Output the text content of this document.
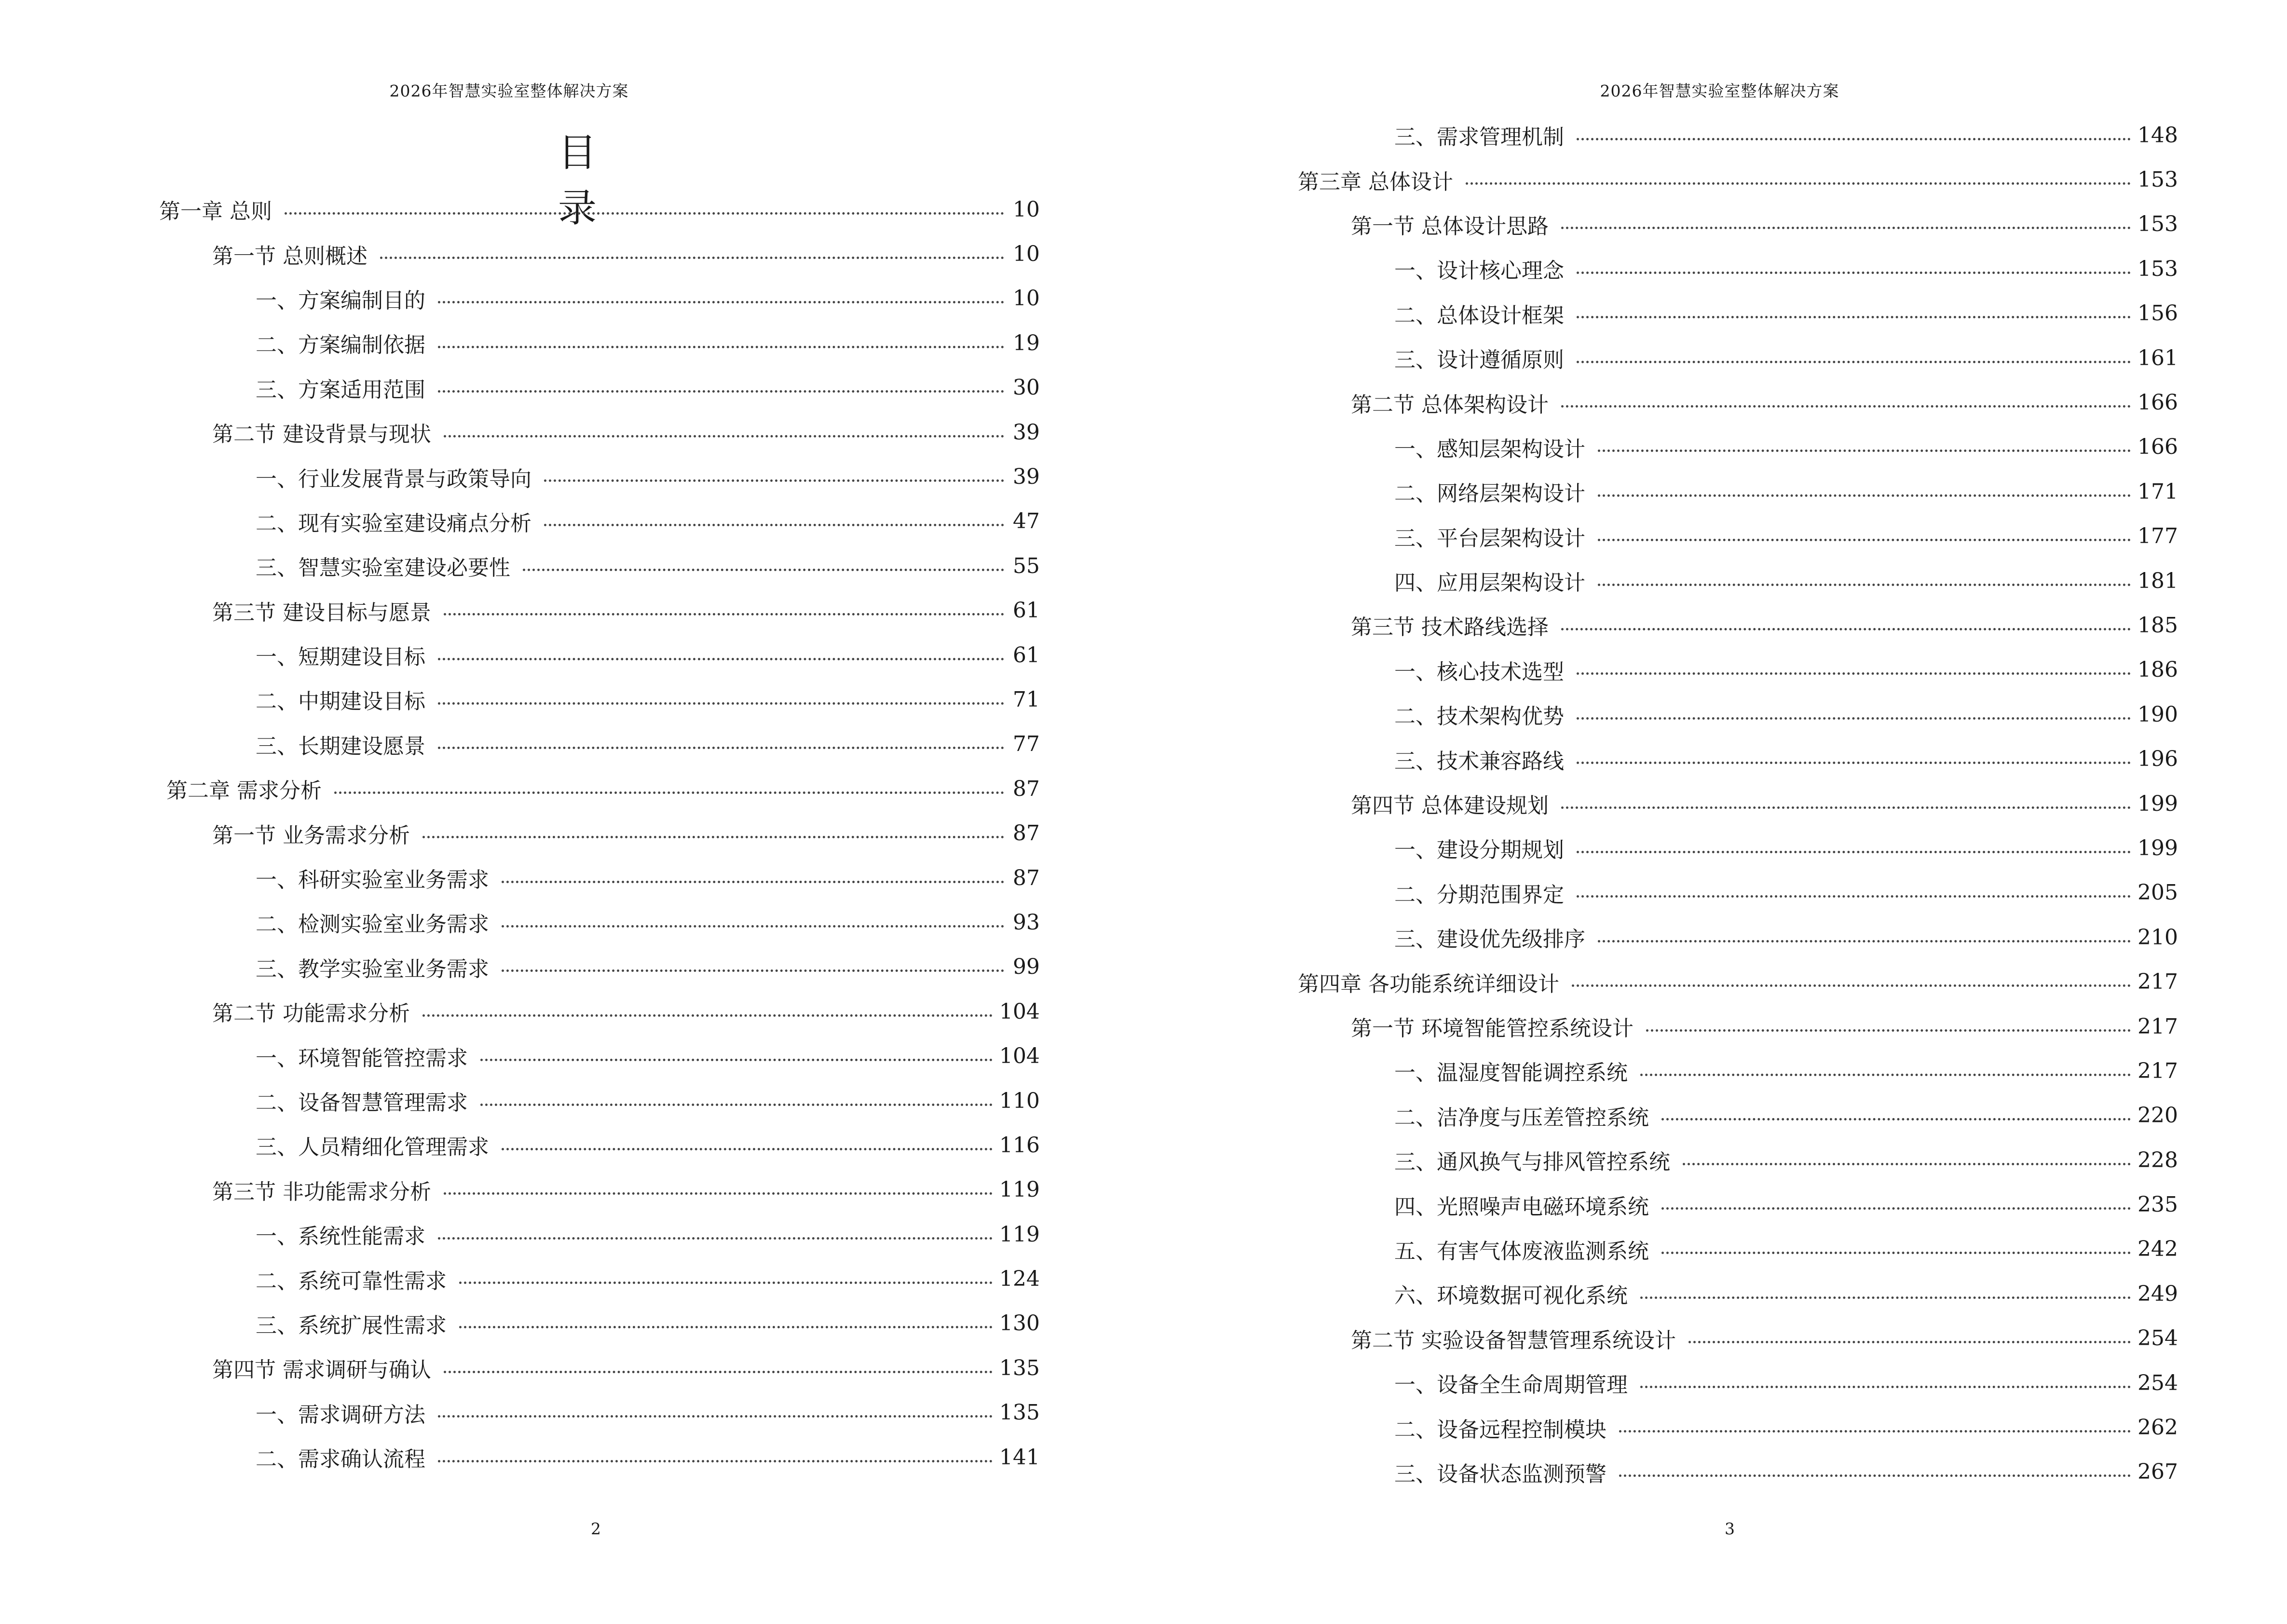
2026年智慧实验室整体解决方案
目 录
第一章 总则	10
第一节 总则概述	10
一、方案编制目的	10
二、方案编制依据	19
三、方案适用范围	30
第二节 建设背景与现状	39
一、行业发展背景与政策导向	39
二、现有实验室建设痛点分析	47
三、智慧实验室建设必要性	55
第三节 建设目标与愿景	61
一、短期建设目标	61
二、中期建设目标	71
三、长期建设愿景	77
第二章 需求分析	87
第一节 业务需求分析	87
一、科研实验室业务需求	87
二、检测实验室业务需求	93
三、教学实验室业务需求	99
第二节 功能需求分析	104
一、环境智能管控需求	104
二、设备智慧管理需求	110
三、人员精细化管理需求	116
第三节 非功能需求分析	119
一、系统性能需求	119
二、系统可靠性需求	124
三、系统扩展性需求	130
第四节 需求调研与确认	135
一、需求调研方法	135
二、需求确认流程	141
2
2026年智慧实验室整体解决方案
三、需求管理机制	148
第三章 总体设计	153
第一节 总体设计思路	153
一、设计核心理念	153
二、总体设计框架	156
三、设计遵循原则	161
第二节 总体架构设计	166
一、感知层架构设计	166
二、网络层架构设计	171
三、平台层架构设计	177
四、应用层架构设计	181
第三节 技术路线选择	185
一、核心技术选型	186
二、技术架构优势	190
三、技术兼容路线	196
第四节 总体建设规划	199
一、建设分期规划	199
二、分期范围界定	205
三、建设优先级排序	210
第四章 各功能系统详细设计	217
第一节 环境智能管控系统设计	217
一、温湿度智能调控系统	217
二、洁净度与压差管控系统	220
三、通风换气与排风管控系统	228
四、光照噪声电磁环境系统	235
五、有害气体废液监测系统	242
六、环境数据可视化系统	249
第二节 实验设备智慧管理系统设计	254
一、设备全生命周期管理	254
二、设备远程控制模块	262
三、设备状态监测预警	267
3
